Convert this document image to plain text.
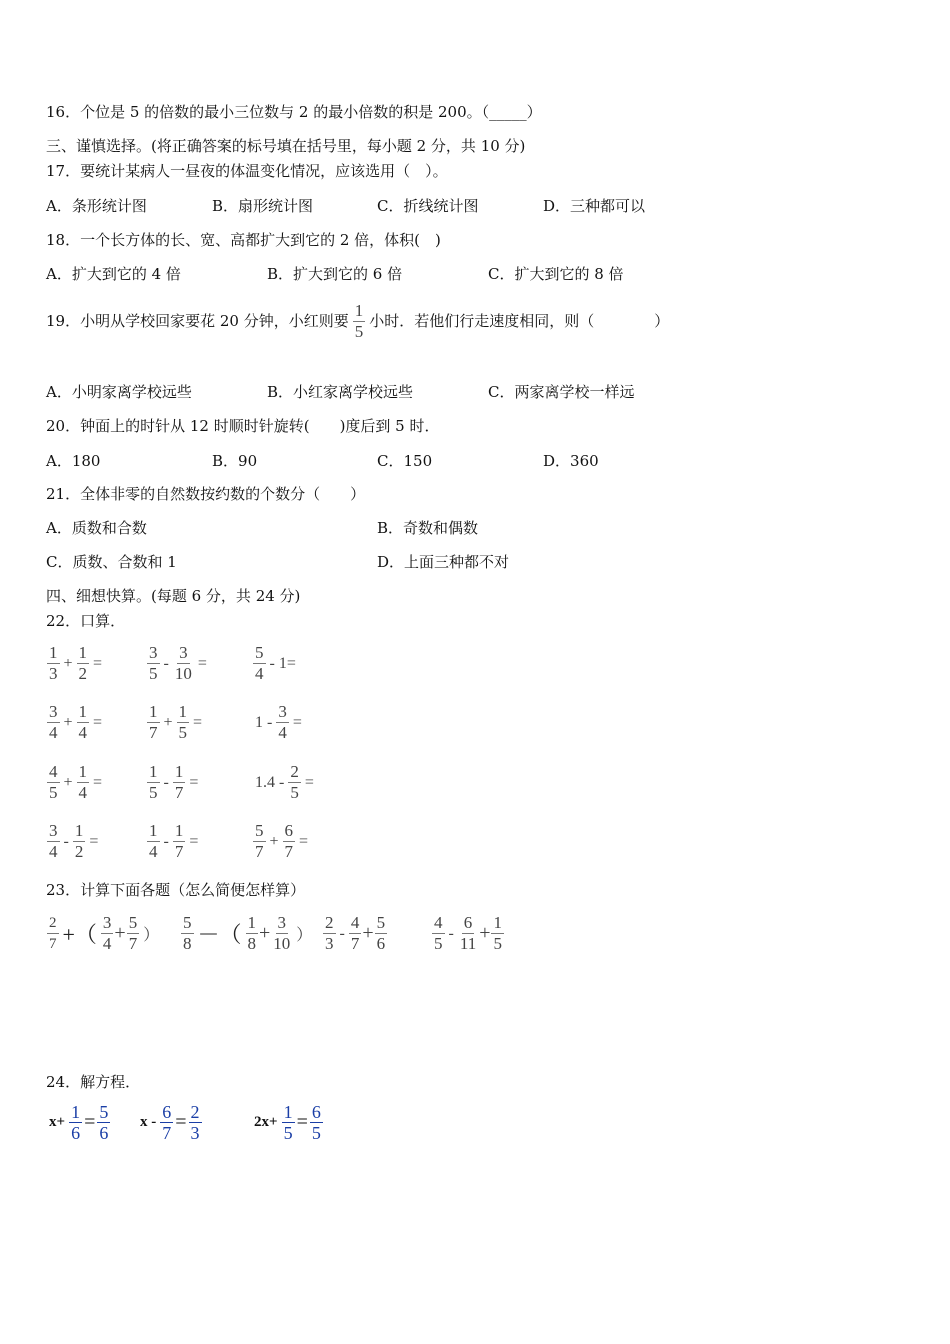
16．个位是 5 的倍数的最小三位数与 2 的最小倍数的积是 200。（_____）
三、谨慎选择。(将正确答案的标号填在括号里，每小题 2 分，共 10 分)
17．要统计某病人一昼夜的体温变化情况，应该选用（　）。
A．条形统计图	B．扇形统计图	C．折线统计图	D．三种都可以
18．一个长方体的长、宽、高都扩大到它的 2 倍，体积(　)
A．扩大到它的 4 倍	B．扩大到它的 6 倍	C．扩大到它的 8 倍
19．小明从学校回家要花 20 分钟，小红则要 $\frac{1}{5}$ 小时．若他们行走速度相同，则（　　　　）
A．小明家离学校远些	B．小红家离学校远些	C．两家离学校一样远
20．钟面上的时针从 12 时顺时针旋转(　　)度后到 5 时．
A．180	B．90	C．150	D．360
21．全体非零的自然数按约数的个数分（　　）
A．质数和合数	B．奇数和偶数
C．质数、合数和 1	D．上面三种都不对
四、细想快算。(每题 6 分，共 24 分)
22．口算．
$\frac{1}{3} + \frac{1}{2}$ =	$\frac{3}{5} - \frac{3}{10}$ =	$\frac{5}{4} - 1=$
$\frac{3}{4} + \frac{1}{4}$ =	$\frac{1}{7} + \frac{1}{5}$ =	$1 - \frac{3}{4}$ =
$\frac{4}{5} + \frac{1}{4}$ =	$\frac{1}{5} - \frac{1}{7}$ =	$1.4 - \frac{2}{5}$ =
$\frac{3}{4} - \frac{1}{2}$ =	$\frac{1}{4} - \frac{1}{7}$ =	$\frac{5}{7} + \frac{6}{7}$ =
23．计算下面各题（怎么简便怎样算）
$\frac{2}{7}$ +（ $\frac{3}{4} + \frac{5}{7}$ ） $\frac{5}{8}$ －（ $\frac{1}{8} + \frac{3}{10}$ ） $\frac{2}{3} - \frac{4}{7} + \frac{5}{6}$	$\frac{4}{5} - \frac{6}{11} + \frac{1}{5}$
24．解方程．
$x+ \frac{1}{6} = \frac{5}{6}$ $x - \frac{6}{7} = \frac{2}{3}$	$2x+ \frac{1}{5} = \frac{6}{5}$
